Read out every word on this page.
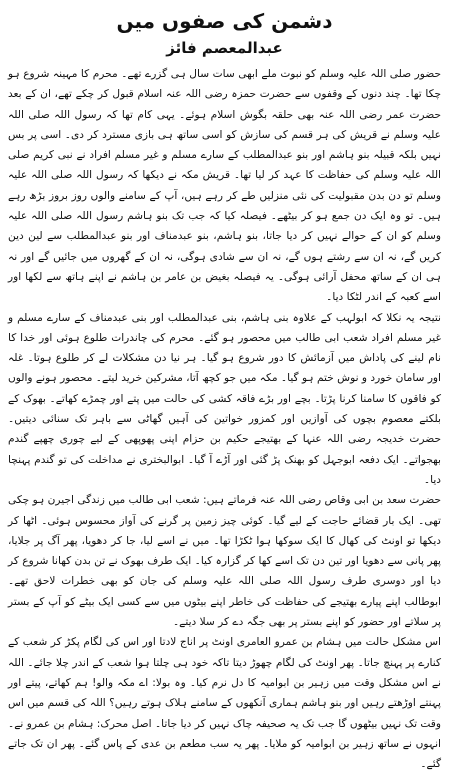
دشمن کی صفوں میں
عبدالمعصم فائز

حضور صلی اللہ علیہ وسلم کو نبوت ملے ابھی سات سال ہی گزرے تھے۔ محرم کا مہینہ شروع ہو چکا تھا۔ چند دنوں کے وقفوں سے حضرت حمزہ رضی اللہ عنہ اسلام قبول کر چکے تھے، ان کے بعد حضرت عمر رضی اللہ عنہ بھی حلقہ بگوش اسلام ہوئے۔ یہی کام تھا کہ رسول اللہ صلی اللہ علیہ وسلم نے قریش کی ہر قسم کی سازش کو اسی ساتھ ہی بازی مسترد کر دی۔ اسی پر بس نہیں بلکہ قبیلہ بنو ہاشم اور بنو عبدالمطلب کے سارے مسلم و غیر مسلم افراد نے نبی کریم صلی اللہ علیہ وسلم کی حفاظت کا عہد کر لیا تھا۔ قریش مکہ نے دیکھا کہ رسول اللہ صلی اللہ علیہ وسلم تو دن بدن مقبولیت کی نئی منزلیں طے کر رہے ہیں، آپ کے سامنے والوں روز بروز بڑھ رہے ہیں۔ تو وہ ایک دن جمع ہو کر بیٹھے۔ فیصلہ کیا کہ جب تک بنو ہاشم رسول اللہ صلی اللہ علیہ وسلم کو ان کے حوالے نہیں کر دیا جاتا، بنو ہاشم، بنو عبدمناف اور بنو عبدالمطلب سے لین دین کریں گے، نہ ان سے رشتے ہوں گے، نہ ان سے شادی ہوگی، نہ ان کے گھروں میں جائیں گے اور نہ ہی ان کے ساتھ محفل آرائی ہوگی۔ یہ فیصلہ بغیض بن عامر بن ہاشم نے اپنے ہاتھ سے لکھا اور اسے کعبہ کے اندر لٹکا دیا۔

نتیجہ یہ نکلا کہ ابولہب کے علاوہ بنی ہاشم، بنی عبدالمطلب اور بنی عبدمناف کے سارے مسلم و غیر مسلم افراد شعب ابی طالب میں محصور ہو گئے۔ محرم کی چاندرات طلوع ہوئی اور خدا کا نام لینے کی پاداش میں آزمائش کا دور شروع ہو گیا۔ ہر نیا دن مشکلات لے کر طلوع ہوتا۔ غلہ اور سامان خورد و نوش ختم ہو گیا۔ مکہ میں جو کچھ آتا، مشرکین خرید لیتے۔ محصور ہونے والوں کو فاقوں کا سامنا کرنا پڑتا۔ بچے اور بڑے فاقہ کشی کی حالت میں پتے اور چمڑے کھاتے۔ بھوک کے بلکتے معصوم بچوں کی آوازیں اور کمزور خواتین کی آہیں گھاٹی سے باہر تک سنائی دیتیں۔ حضرت خدیجہ رضی اللہ عنہا کے بھتیجے حکیم بن حزام اپنی پھوپھی کے لیے چوری چھپے گندم بھجواتے۔ ایک دفعہ ابوجہل کو بھنک پڑ گئی اور آڑے آ گیا۔ ابوالبختری نے مداخلت کی تو گندم پہنچا دیا۔

حضرت سعد بن ابی وقاص رضی اللہ عنہ فرماتے ہیں: شعب ابی طالب میں زندگی اجیرن ہو چکی تھی۔ ایک بار قضائے حاجت کے لیے گیا۔ کوئی چیز زمین پر گرنے کی آواز محسوس ہوئی۔ اٹھا کر دیکھا تو اونٹ کی کھال کا ایک سوکھا ہوا ٹکڑا تھا۔ میں نے اسے لیا، جا کر دھویا، پھر آگ پر جلایا، پھر پانی سے دھویا اور تین دن تک اسے کھا کر گزارہ کیا۔ ایک طرف بھوک نے تن بدن کھانا شروع کر دیا اور دوسری طرف رسول اللہ صلی اللہ علیہ وسلم کی جان کو بھی خطرات لاحق تھے۔ ابوطالب اپنے پیارے بھتیجے کی حفاظت کی خاطر اپنے بیٹوں میں سے کسی ایک بیٹے کو آپ کے بستر پر سلاتے اور حضور کو اپنے بستر پر بھی جگہ دے کر سلا دیتے۔

اس مشکل حالت میں ہشام بن عمرو العامری اونٹ پر اناج لادتا اور اس کی لگام پکڑ کر شعب کے کنارے پر پہنچ جاتا۔ پھر اونٹ کی لگام چھوڑ دیتا تاکہ خود ہی چلتا ہوا شعب کے اندر چلا جائے۔ اللہ نے اس مشکل وقت میں زہیر بن ابوامیہ کا دل نرم کیا۔ وہ بولا: اے مکہ والو! ہم کھاتے، پیتے اور پہنتے اوڑھتے رہیں اور بنو ہاشم ہماری آنکھوں کے سامنے ہلاک ہوتے رہیں؟ اللہ کی قسم میں اس وقت تک نہیں بیٹھوں گا جب تک یہ صحیفہ چاک نہیں کر دیا جاتا۔ اصل محرک: ہشام بن عمرو نے۔ انہوں نے ساتھ زہیر بن ابوامیہ کو ملایا۔ پھر یہ سب مطعم بن عدی کے پاس گئے۔ پھر ان تک جاتے گئے۔
